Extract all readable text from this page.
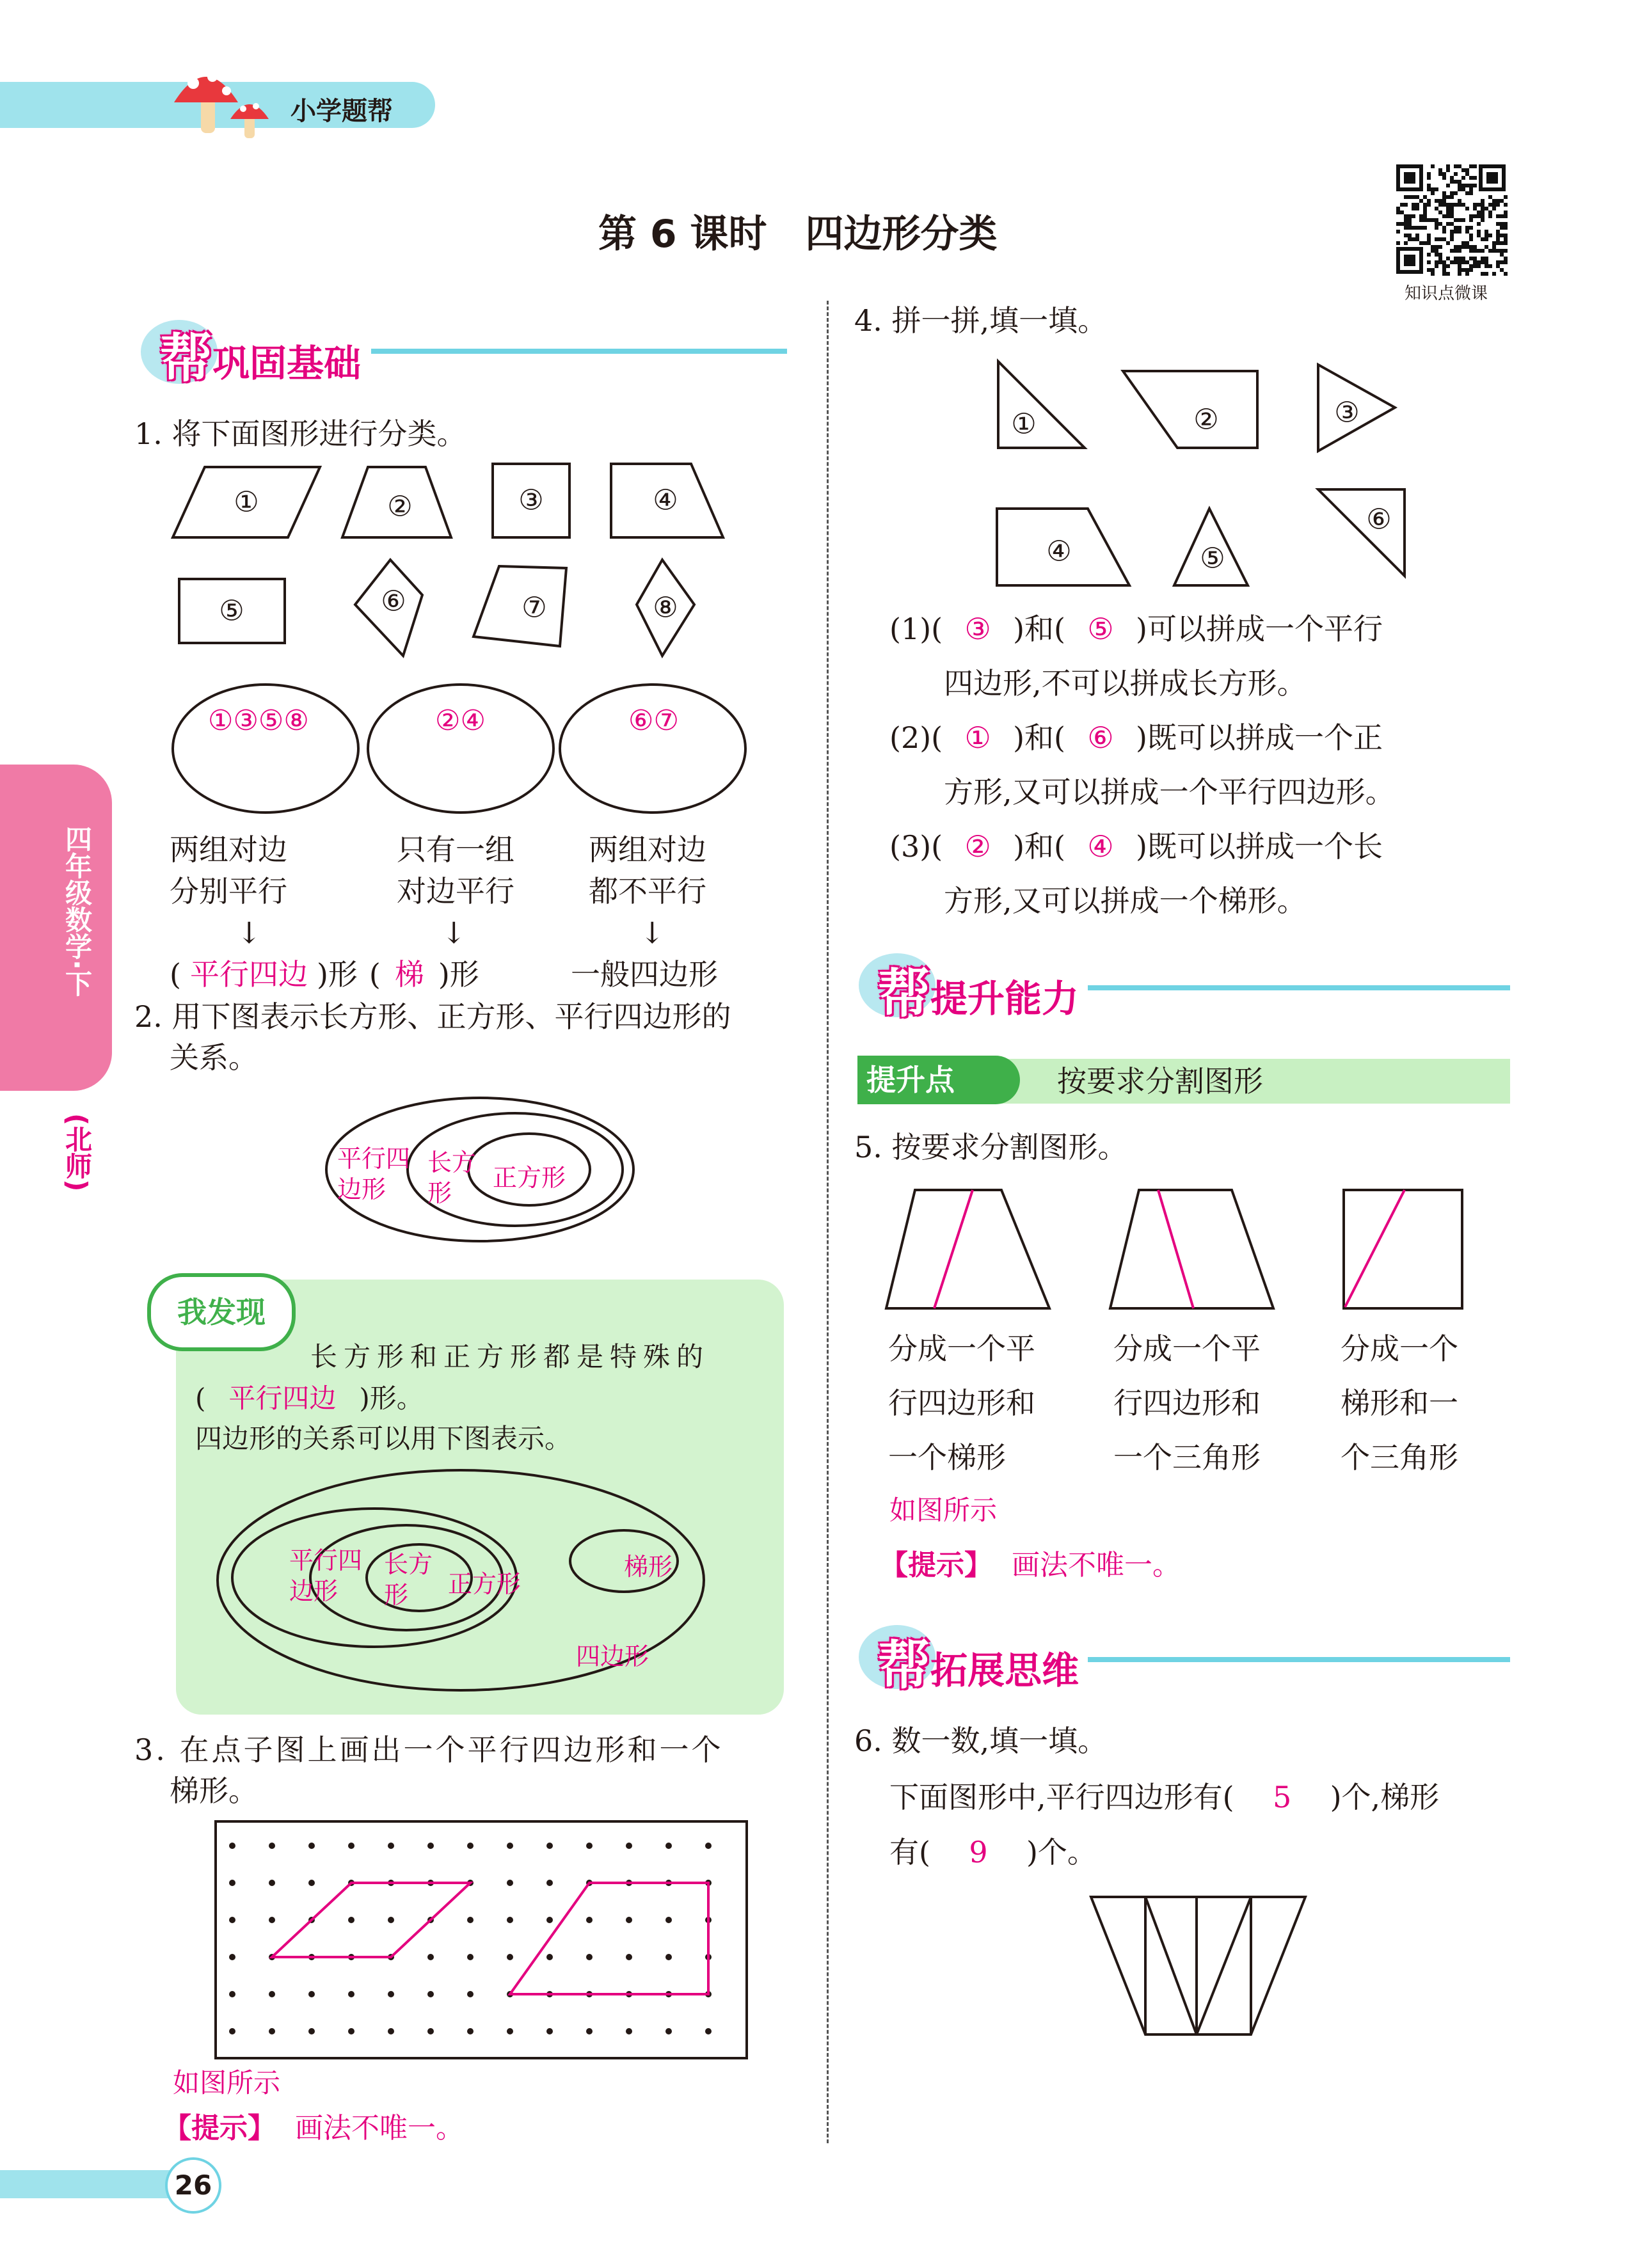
小学题帮
第 6 课时　四边形分类
知识点微课
四年级数学·下
(北师)
帮巩固基础
1. 将下面图形进行分类。
①	②	③	④
⑤	⑥	⑦	⑧
①③⑤⑧	②④	⑥⑦
两组对边
分别平行
↓
只有一组
对边平行
↓
两组对边
都不平行
↓
( 平行四边 )形 ( 梯 )形	一般四边形
2. 用下图表示长方形、正方形、平行四边形的
关系。
平行四
边形
长方
形
正方形
我发现
长方形和正方形都是特殊的
( 平行四边 )形。
四边形的关系可以用下图表示。
平行四
边形
长方
形 正方形
梯形
四边形
3. 在点子图上画出一个平行四边形和一个
梯形。
如图所示
【提示】 画法不唯一。
4. 拼一拼,填一填。
①	②	③
④	⑤
⑥
(1)( ③ )和( ⑤ )可以拼成一个平行
四边形,不可以拼成长方形。
(2)( ① )和( ⑥ )既可以拼成一个正
方形,又可以拼成一个平行四边形。
(3)( ② )和( ④ )既可以拼成一个长
方形,又可以拼成一个梯形。
帮提升能力
提升点	按要求分割图形
5. 按要求分割图形。
分成一个平
行四边形和
一个梯形
分成一个平
行四边形和
一个三角形
分成一个
梯形和一
个三角形
如图所示
【提示】 画法不唯一。
帮拓展思维
6. 数一数,填一填。
下面图形中,平行四边形有( 5 )个,梯形
有( 9 )个。
26
